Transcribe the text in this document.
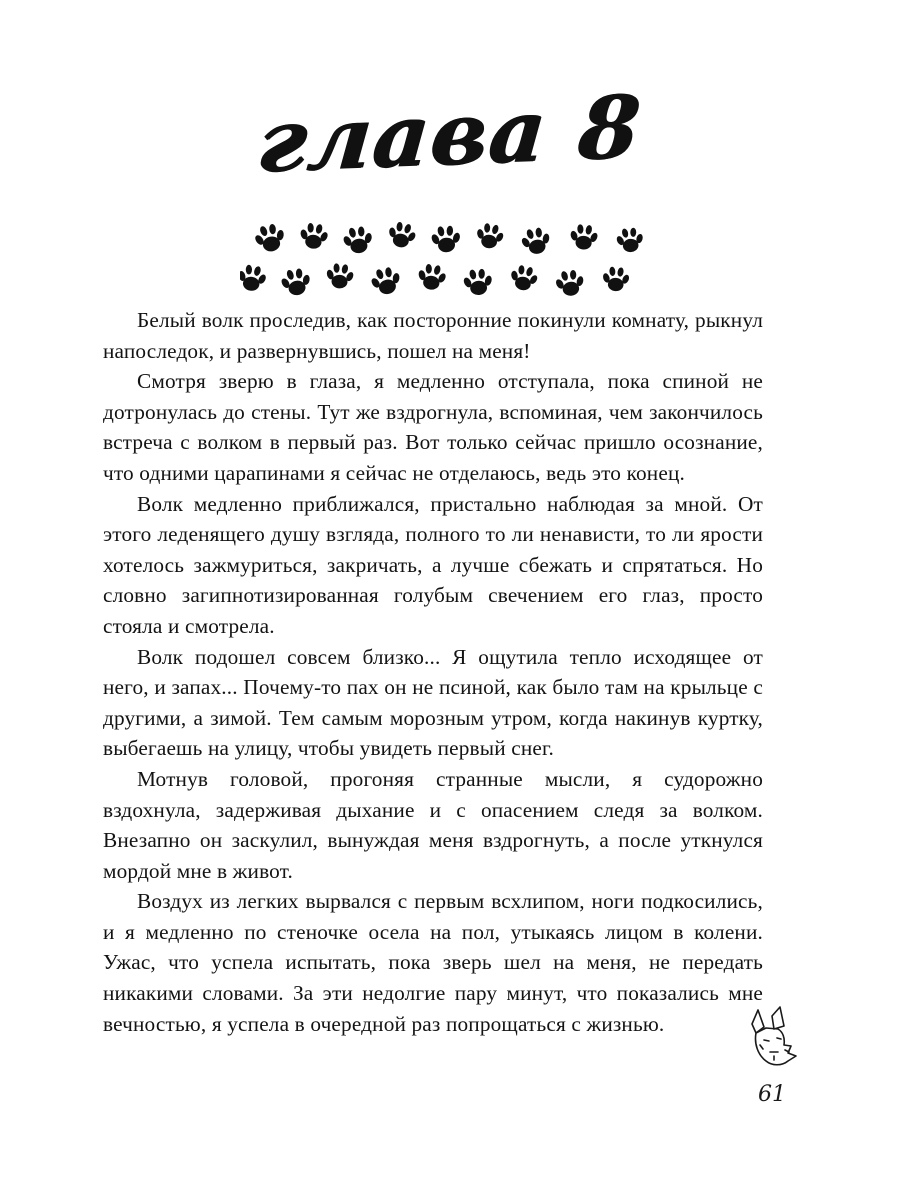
глава 8

Белый волк проследив, как посторонние покинули комнату, рыкнул напоследок, и развернувшись, пошел на меня!

Смотря зверю в глаза, я медленно отступала, пока спиной не дотронулась до стены. Тут же вздрогнула, вспоминая, чем закончилось встреча с волком в первый раз. Вот только сейчас пришло осознание, что одними царапинами я сейчас не отделаюсь, ведь это конец.

Волк медленно приближался, пристально наблюдая за мной. От этого леденящего душу взгляда, полного то ли ненависти, то ли ярости хотелось зажмуриться, закричать, а лучше сбежать и спрятаться. Но словно загипнотизированная голубым свечением его глаз, просто стояла и смотрела.

Волк подошел совсем близко... Я ощутила тепло исходящее от него, и запах... Почему-то пах он не псиной, как было там на крыльце с другими, а зимой. Тем самым морозным утром, когда накинув куртку, выбегаешь на улицу, чтобы увидеть первый снег.

Мотнув головой, прогоняя странные мысли, я судорожно вздохнула, задерживая дыхание и с опасением следя за волком. Внезапно он заскулил, вынуждая меня вздрогнуть, а после уткнулся мордой мне в живот.

Воздух из легких вырвался с первым всхлипом, ноги подкосились, и я медленно по стеночке осела на пол, утыкаясь лицом в колени. Ужас, что успела испытать, пока зверь шел на меня, не передать никакими словами. За эти недолгие пару минут, что показались мне вечностью, я успела в очередной раз попрощаться с жизнью.

61
